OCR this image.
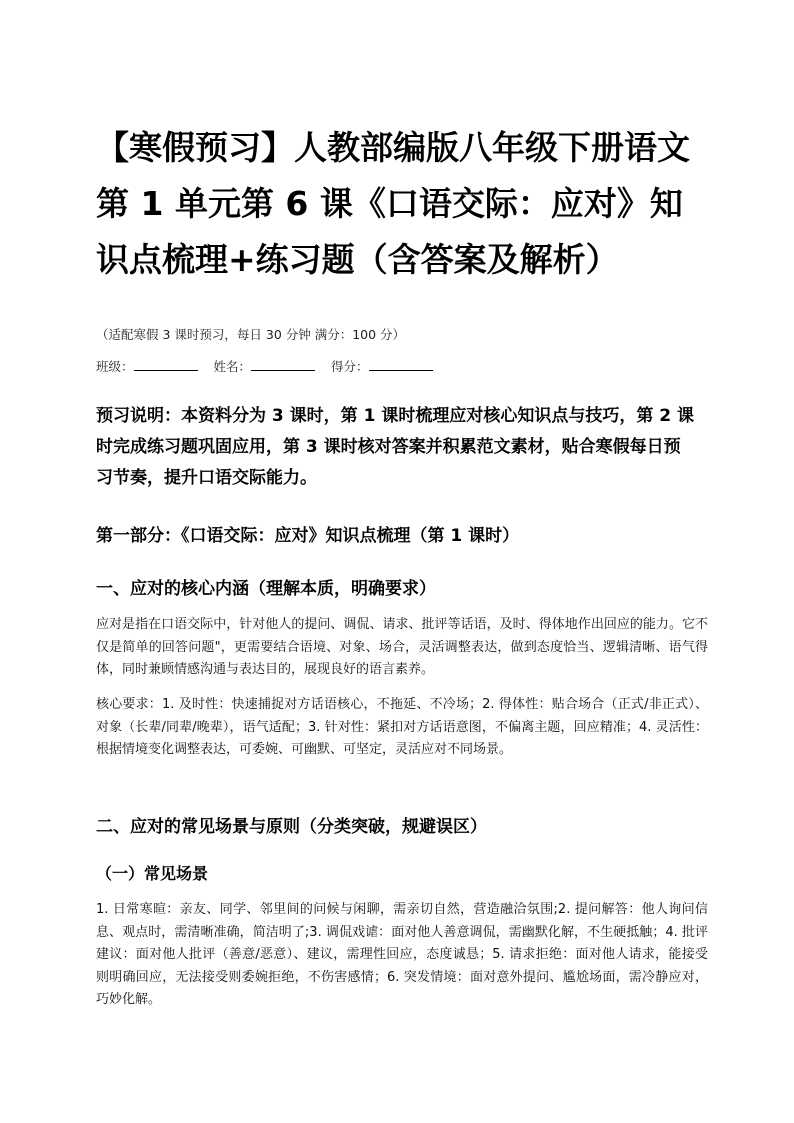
【寒假预习】人教部编版八年级下册语文第 1 单元第 6 课《口语交际：应对》知识点梳理+练习题（含答案及解析）
（适配寒假 3 课时预习，每日 30 分钟 满分：100 分）
班级：	姓名：	得分：
预习说明：本资料分为 3 课时，第 1 课时梳理应对核心知识点与技巧，第 2 课时完成练习题巩固应用，第 3 课时核对答案并积累范文素材，贴合寒假每日预习节奏，提升口语交际能力。
第一部分：《口语交际：应对》知识点梳理（第 1 课时）
一、应对的核心内涵（理解本质，明确要求）
应对是指在口语交际中，针对他人的提问、调侃、请求、批评等话语，及时、得体地作出回应的能力。它不仅是简单的回答问题"，更需要结合语境、对象、场合，灵活调整表达，做到态度恰当、逻辑清晰、语气得体，同时兼顾情感沟通与表达目的，展现良好的语言素养。
核心要求：1. 及时性：快速捕捉对方话语核心，不拖延、不冷场；2. 得体性：贴合场合（正式/非正式）、对象（长辈/同辈/晚辈），语气适配；3. 针对性：紧扣对方话语意图，不偏离主题，回应精准；4. 灵活性：根据情境变化调整表达，可委婉、可幽默、可坚定，灵活应对不同场景。
二、应对的常见场景与原则（分类突破，规避误区）
（一）常见场景
1. 日常寒暄：亲友、同学、邻里间的问候与闲聊，需亲切自然，营造融洽氛围;2. 提问解答：他人询问信息、观点时，需清晰准确，简洁明了;3. 调侃戏谑：面对他人善意调侃，需幽默化解，不生硬抵触；4. 批评建议：面对他人批评（善意/恶意）、建议，需理性回应，态度诚恳；5. 请求拒绝：面对他人请求，能接受则明确回应，无法接受则委婉拒绝，不伤害感情；6. 突发情境：面对意外提问、尴尬场面，需冷静应对，巧妙化解。
